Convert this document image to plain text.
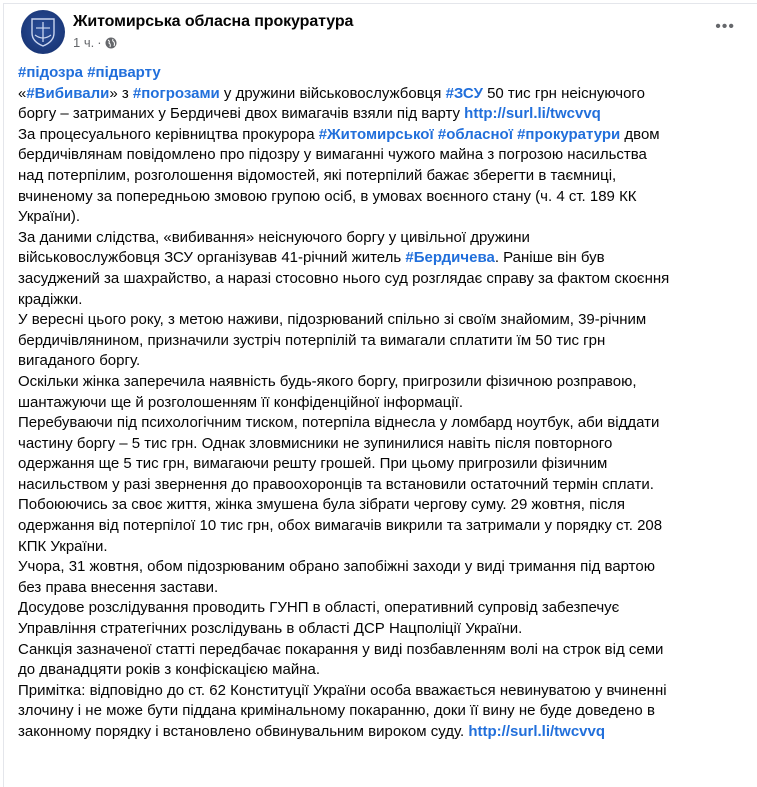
Житомирська обласна прокуратура
1 ч. ·
•••
#підозра #підварту
«#Вибивали» з #погрозами у дружини військовослужбовця #ЗСУ 50 тис грн неіснуючого
боргу – затриманих у Бердичеві двох вимагачів взяли під варту http://surl.li/twcvvq
За процесуального керівництва прокурора #Житомирської #обласної #прокуратури двом
бердичівлянам повідомлено про підозру у вимаганні чужого майна з погрозою насильства
над потерпілим, розголошення відомостей, які потерпілий бажає зберегти в таємниці,
вчиненому за попередньою змовою групою осіб, в умовах воєнного стану (ч. 4 ст. 189 КК
України).
За даними слідства, «вибивання» неіснуючого боргу у цивільної дружини
військовослужбовця ЗСУ організував 41-річний житель #Бердичева. Раніше він був
засуджений за шахрайство, а наразі стосовно нього суд розглядає справу за фактом скоєння
крадіжки.
У вересні цього року, з метою наживи, підозрюваний спільно зі своїм знайомим, 39-річним
бердичівлянином, призначили зустріч потерпілій та вимагали сплатити їм 50 тис грн
вигаданого боргу.
Оскільки жінка заперечила наявність будь-якого боргу, пригрозили фізичною розправою,
шантажуючи ще й розголошенням її конфіденційної інформації.
Перебуваючи під психологічним тиском, потерпіла віднесла у ломбард ноутбук, аби віддати
частину боргу – 5 тис грн. Однак зловмисники не зупинилися навіть після повторного
одержання ще 5 тис грн, вимагаючи решту грошей. При цьому пригрозили фізичним
насильством у разі звернення до правоохоронців та встановили остаточний термін сплати.
Побоюючись за своє життя, жінка змушена була зібрати чергову суму. 29 жовтня, після
одержання від потерпілої 10 тис грн, обох вимагачів викрили та затримали у порядку ст. 208
КПК України.
Учора, 31 жовтня, обом підозрюваним обрано запобіжні заходи у виді тримання під вартою
без права внесення застави.
Досудове розслідування проводить ГУНП в області, оперативний супровід забезпечує
Управління стратегічних розслідувань в області ДСР Нацполіції України.
Санкція зазначеної статті передбачає покарання у виді позбавленням волі на строк від семи
до дванадцяти років з конфіскацією майна.
Примітка: відповідно до ст. 62 Конституції України особа вважається невинуватою у вчиненні
злочину і не може бути піддана кримінальному покаранню, доки її вину не буде доведено в
законному порядку і встановлено обвинувальним вироком суду. http://surl.li/twcvvq
